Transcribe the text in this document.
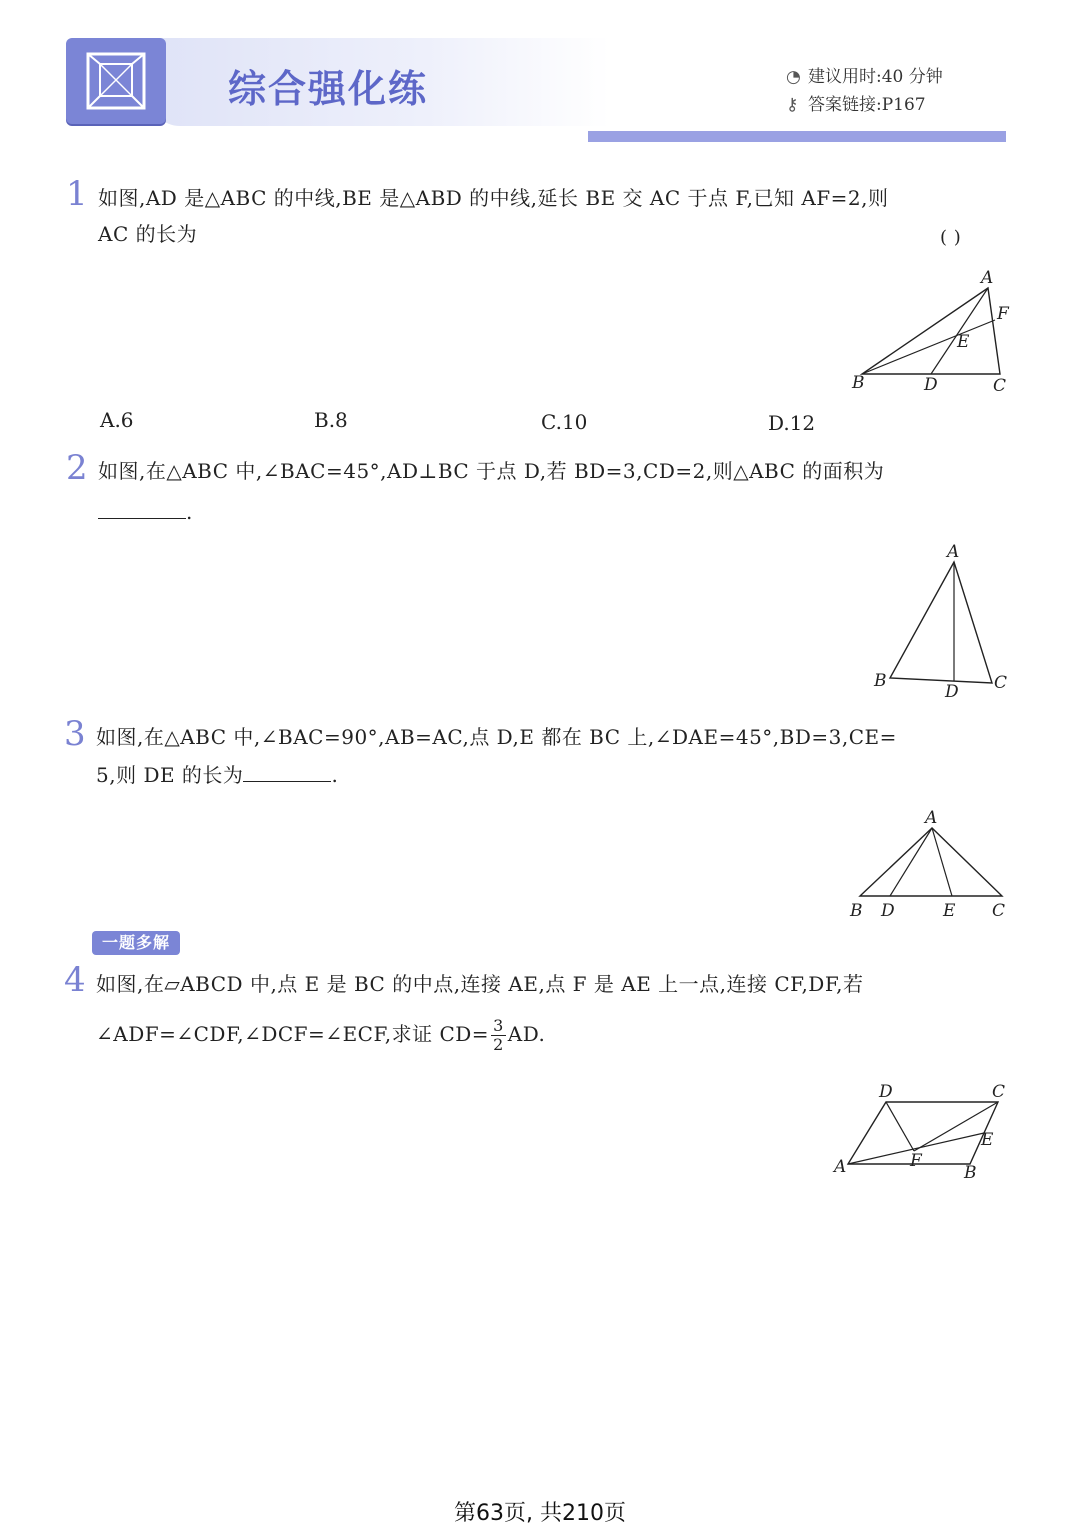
综合强化练	◔ 建议用时:40 分钟
⚷ 答案链接:P167
1 如图,AD 是△ABC 的中线,BE 是△ABD 的中线,延长 BE 交 AC 于点 F,已知 AF=2,则
AC 的长为	( )
A
F
E
B	D	C
A.6	B.8	C.10	D.12
2 如图,在△ABC 中,∠BAC=45°,AD⊥BC 于点 D,若 BD=3,CD=2,则△ABC 的面积为
.
A
B
D C
3 如图,在△ABC 中,∠BAC=90°,AB=AC,点 D,E 都在 BC 上,∠DAE=45°,BD=3,CE=
5,则 DE 的长为	.
A
B D	E C
一题多解
4 如图,在▱ABCD 中,点 E 是 BC 的中点,连接 AE,点 F 是 AE 上一点,连接 CF,DF,若
∠ADF=∠CDF,∠DCF=∠ECF,求证 $CD= \frac{3}{2}$ AD.
D	C
E
A	F
B
第63页, 共210页
